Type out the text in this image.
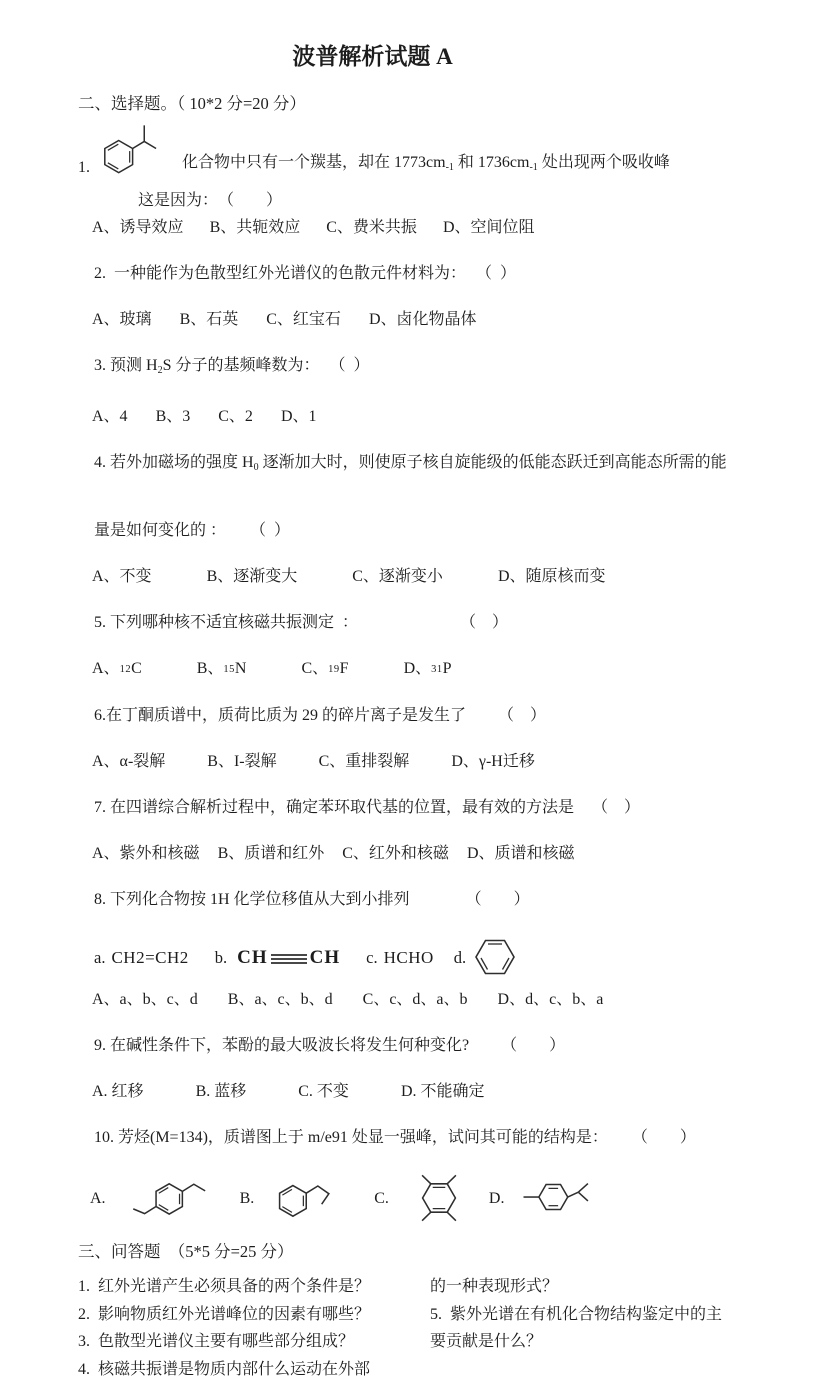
波普解析试题 A
二、选择题。（ 10*2 分=20 分）
1.	化合物中只有一个羰基，却在 $1773cm_{-1}$ 和 $1736cm_{-1}$ 处出现两个吸收峰
这是因为：　（　　）
A、诱导效应 B、共轭效应 C、费米共振 D、空间位阻

2.  一种能作为色散型红外光谱仪的色散元件材料为： （  ）

A、玻璃 B、石英 C、红宝石 D、卤化物晶体

3. 预测 $H_2S$ 分子的基频峰数为： （  ）

A、4 B、3 C、2 D、1

4. 若外加磁场的强度 $H_0$ 逐渐加大时，则使原子核自旋能级的低能态跃迁到高能态所需的能

量是如何变化的 ： （  ）

A、不变	B、逐渐变大	C、逐渐变小	D、随原核而变

5. 下列哪种核不适宜核磁共振测定  ：	（　）

A、12C	B、15N	C、19F	D、31P

6.在丁酮质谱中，质荷比质为 29 的碎片离子是发生了 （　）

A、α-裂解	B、I-裂解	C、重排裂解	D、γ-H迁移

7. 在四谱综合解析过程中，确定苯环取代基的位置，最有效的方法是 （　）

A、紫外和核磁 B、质谱和红外 C、红外和核磁 D、质谱和核磁

8. 下列化合物按 1H 化学位移值从大到小排列	（　　）

a. CH2=CH2 b. CH CH c. HCHO d.
A、a、b、c、d B、a、c、b、d C、c、d、a、b D、d、c、b、a

9. 在碱性条件下，苯酚的最大吸波长将发生何种变化? （　　）

A. 红移	B. 蓝移	C. 不变	D. 不能确定

10. 芳烃(M=134)，质谱图上于 m/e91 处显一强峰，试问其可能的结构是： （　　）

A.	B.	C.	D.
三、问答题　（5*5 分=25 分）
1.  红外光谱产生必须具备的两个条件是？
2.  影响物质红外光谱峰位的因素有哪些？
3.  色散型光谱仪主要有哪些部分组成？
4.  核磁共振谱是物质内部什么运动在外部
的一种表现形式？
5.  紫外光谱在有机化合物结构鉴定中的主
要贡献是什么？
